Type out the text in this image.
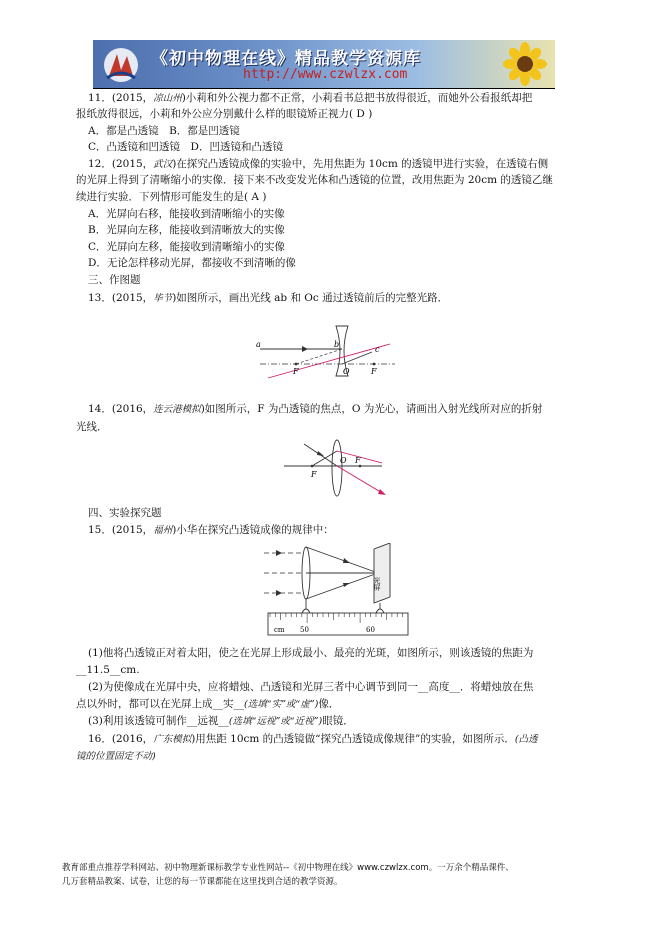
《初中物理在线》精品教学资源库
http://www.czwlzx.com
11．(2015，凉山州)小莉和外公视力都不正常，小莉看书总把书放得很近，而她外公看报纸却把
报纸放得很远，小莉和外公应分别戴什么样的眼镜矫正视力( D )
A．都是凸透镜　B．都是凹透镜
C．凸透镜和凹透镜　D．凹透镜和凸透镜
12．(2015，武汉)在探究凸透镜成像的实验中，先用焦距为 10cm 的透镜甲进行实验，在透镜右侧
的光屏上得到了清晰缩小的实像．接下来不改变发光体和凸透镜的位置，改用焦距为 20cm 的透镜乙继
续进行实验．下列情形可能发生的是( A )
A．光屏向右移，能接收到清晰缩小的实像
B．光屏向左移，能接收到清晰放大的实像
C．光屏向左移，能接收到清晰缩小的实像
D．无论怎样移动光屏，都接收不到清晰的像
三、作图题
13．(2015，毕节)如图所示，画出光线 ab 和 Oc 通过透镜前后的完整光路．
a	b
c
F	O	F
14．(2016，连云港模拟)如图所示，F 为凸透镜的焦点，O 为光心，请画出入射光线所对应的折射
光线．
O
F
F
四、实验探究题
15．(2015，福州)小华在探究凸透镜成像的规律中：
光屏
cm 50	60
(1)他将凸透镜正对着太阳，使之在光屏上形成最小、最亮的光斑，如图所示，则该透镜的焦距为
__11.5__cm.
(2)为使像成在光屏中央，应将蜡烛、凸透镜和光屏三者中心调节到同一__高度__．将蜡烛放在焦
点以外时，都可以在光屏上成__实__(选填“实”或“虚”)像．
(3)利用该透镜可制作__远视__(选填“远视”或“近视”)眼镜．
16．(2016，广东模拟)用焦距 10cm 的凸透镜做“探究凸透镜成像规律”的实验，如图所示．(凸透
镜的位置固定不动)
教育部重点推荐学科网站、初中物理新课标教学专业性网站--《初中物理在线》www.czwlzx.com。一万余个精品课件、
几万套精品教案、试卷，让您的每一节课都能在这里找到合适的教学资源。
